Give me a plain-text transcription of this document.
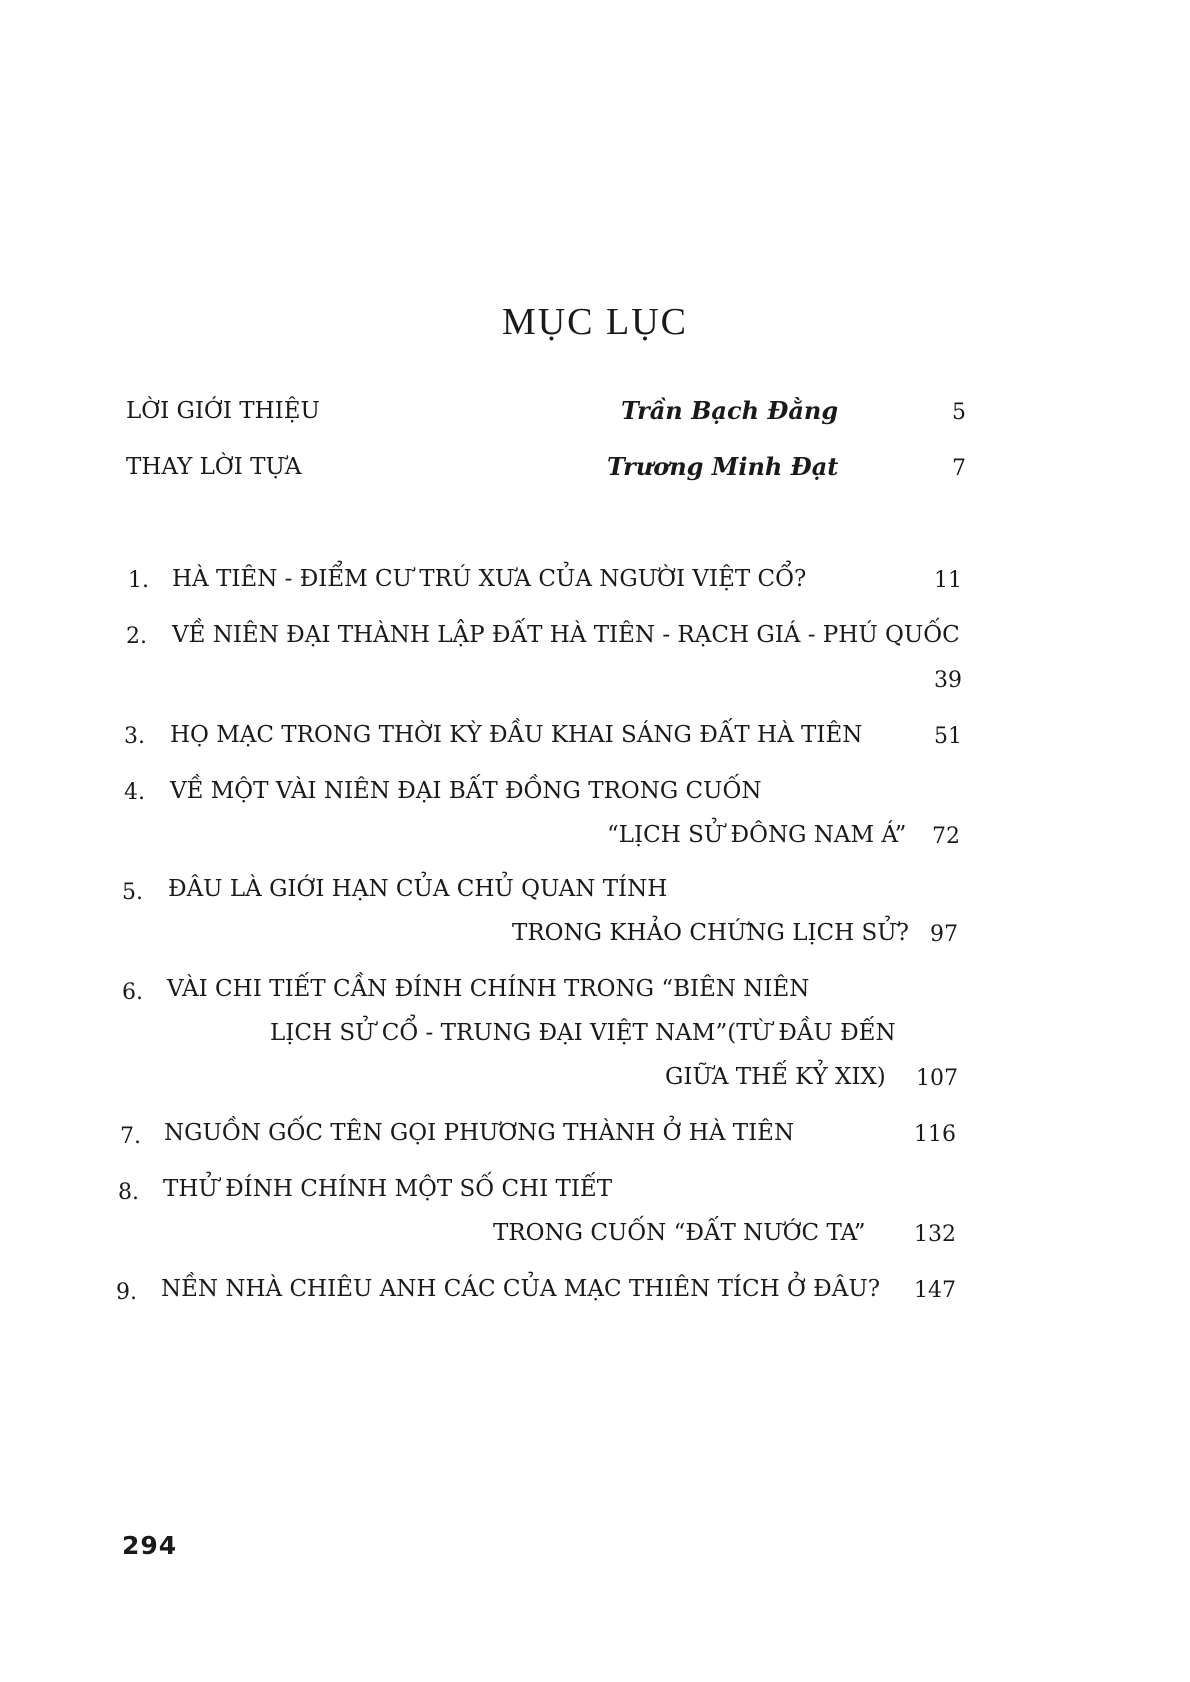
MỤC LỤC
LỜI GIỚI THIỆU	Trần Bạch Đằng	5
THAY LỜI TỰA	Trương Minh Đạt	7
1. HÀ TIÊN - ĐIỂM CƯ TRÚ XƯA CỦA NGƯỜI VIỆT CỔ?	11
2. VỀ NIÊN ĐẠI THÀNH LẬP ĐẤT HÀ TIÊN - RẠCH GIÁ - PHÚ QUỐC
39
3. HỌ MẠC TRONG THỜI KỲ ĐẦU KHAI SÁNG ĐẤT HÀ TIÊN	51
4. VỀ MỘT VÀI NIÊN ĐẠI BẤT ĐỒNG TRONG CUỐN
“LỊCH SỬ ĐÔNG NAM Á”	72
5. ĐÂU LÀ GIỚI HẠN CỦA CHỦ QUAN TÍNH
TRONG KHẢO CHỨNG LỊCH SỬ? 97
6. VÀI CHI TIẾT CẦN ĐÍNH CHÍNH TRONG “BIÊN NIÊN
LỊCH SỬ CỔ - TRUNG ĐẠI VIỆT NAM”(TỪ ĐẦU ĐẾN
GIỮA THẾ KỶ XIX)	107
7. NGUỒN GỐC TÊN GỌI PHƯƠNG THÀNH Ở HÀ TIÊN	116
8. THỬ ĐÍNH CHÍNH MỘT SỐ CHI TIẾT
TRONG CUỐN “ĐẤT NƯỚC TA”	132
9. NỀN NHÀ CHIÊU ANH CÁC CỦA MẠC THIÊN TÍCH Ở ĐÂU?	147
294
